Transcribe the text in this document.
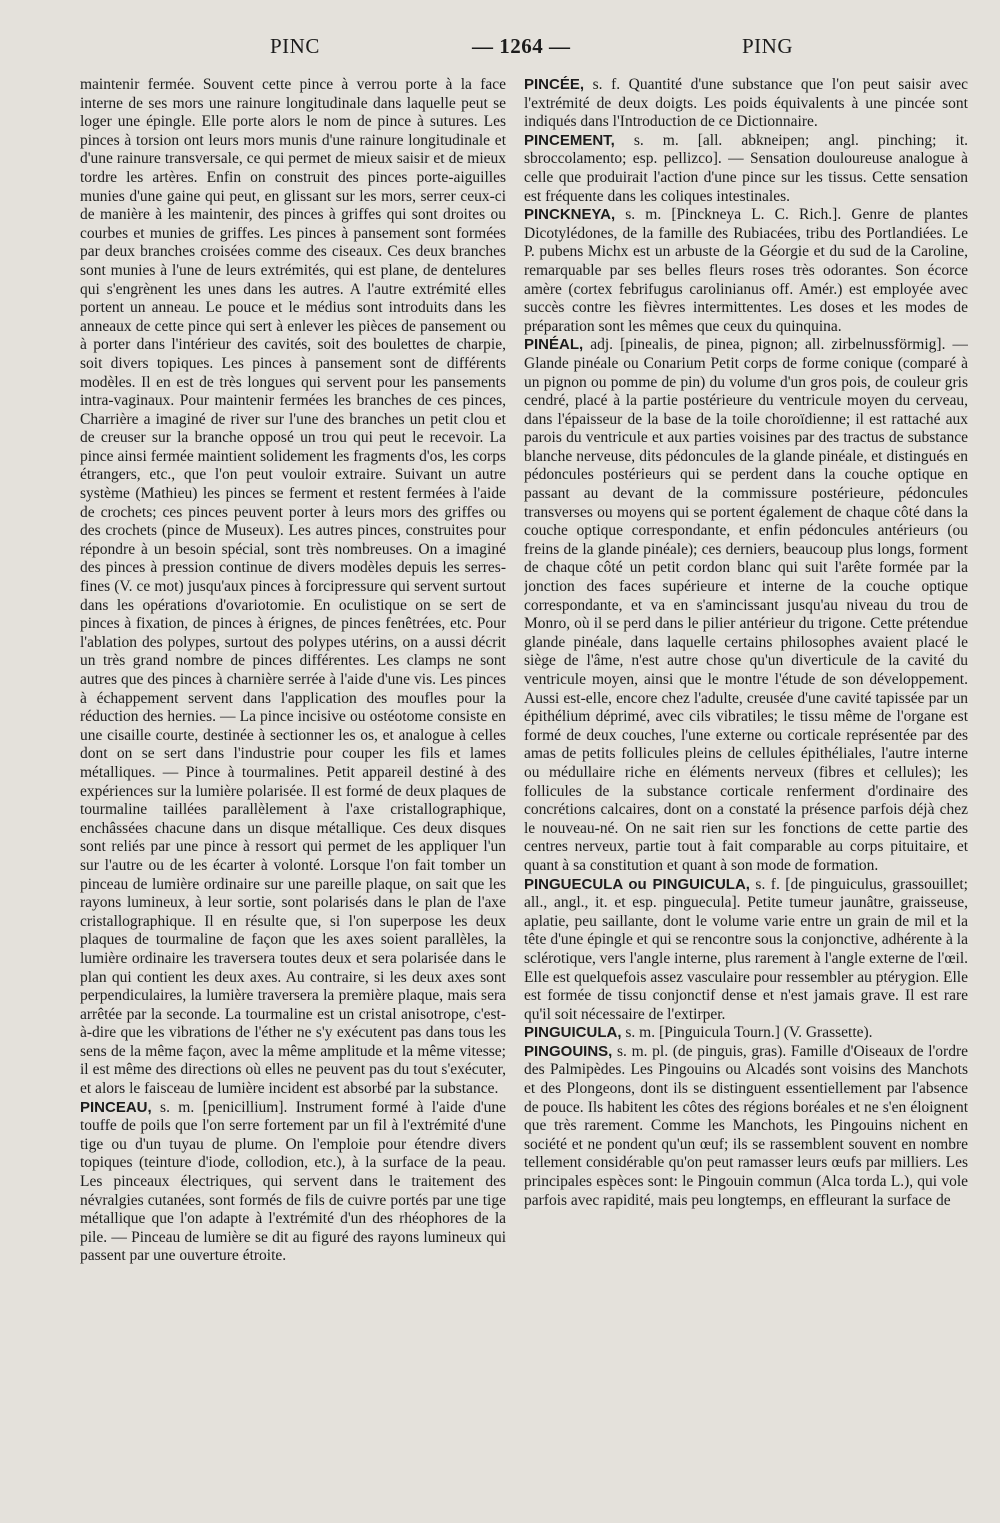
PINC	— 1264 —	PING

maintenir fermée. Souvent cette pince à verrou porte à la face interne de ses mors une rainure longitudinale dans laquelle peut se loger une épingle. Elle porte alors le nom de pince à sutures. Les pinces à torsion ont leurs mors munis d'une rainure longitudinale et d'une rainure transversale, ce qui permet de mieux saisir et de mieux tordre les artères. Enfin on construit des pinces porte-aiguilles munies d'une gaine qui peut, en glissant sur les mors, serrer ceux-ci de manière à les maintenir, des pinces à griffes qui sont droites ou courbes et munies de griffes. Les pinces à pansement sont formées par deux branches croisées comme des ciseaux. Ces deux branches sont munies à l'une de leurs extrémités, qui est plane, de dentelures qui s'engrènent les unes dans les autres. A l'autre extrémité elles portent un anneau. Le pouce et le médius sont introduits dans les anneaux de cette pince qui sert à enlever les pièces de pansement ou à porter dans l'intérieur des cavités, soit des boulettes de charpie, soit divers topiques. Les pinces à pansement sont de différents modèles. Il en est de très longues qui servent pour les pansements intra-vaginaux. Pour maintenir fermées les branches de ces pinces, Charrière a imaginé de river sur l'une des branches un petit clou et de creuser sur la branche opposé un trou qui peut le recevoir. La pince ainsi fermée maintient solidement les fragments d'os, les corps étrangers, etc., que l'on peut vouloir extraire. Suivant un autre système (Mathieu) les pinces se ferment et restent fermées à l'aide de crochets; ces pinces peuvent porter à leurs mors des griffes ou des crochets (pince de Museux). Les autres pinces, construites pour répondre à un besoin spécial, sont très nombreuses. On a imaginé des pinces à pression continue de divers modèles depuis les serres-fines (V. ce mot) jusqu'aux pinces à forcipressure qui servent surtout dans les opérations d'ovariotomie. En oculistique on se sert de pinces à fixation, de pinces à érignes, de pinces fenêtrées, etc. Pour l'ablation des polypes, surtout des polypes utérins, on a aussi décrit un très grand nombre de pinces différentes. Les clamps ne sont autres que des pinces à charnière serrée à l'aide d'une vis. Les pinces à échappement servent dans l'application des moufles pour la réduction des hernies. — La pince incisive ou ostéotome consiste en une cisaille courte, destinée à sectionner les os, et analogue à celles dont on se sert dans l'industrie pour couper les fils et lames métalliques. — Pince à tourmalines. Petit appareil destiné à des expériences sur la lumière polarisée. Il est formé de deux plaques de tourmaline taillées parallèlement à l'axe cristallographique, enchâssées chacune dans un disque métallique. Ces deux disques sont reliés par une pince à ressort qui permet de les appliquer l'un sur l'autre ou de les écarter à volonté. Lorsque l'on fait tomber un pinceau de lumière ordinaire sur une pareille plaque, on sait que les rayons lumineux, à leur sortie, sont polarisés dans le plan de l'axe cristallographique. Il en résulte que, si l'on superpose les deux plaques de tourmaline de façon que les axes soient parallèles, la lumière ordinaire les traversera toutes deux et sera polarisée dans le plan qui contient les deux axes. Au contraire, si les deux axes sont perpendiculaires, la lumière traversera la première plaque, mais sera arrêtée par la seconde. La tourmaline est un cristal anisotrope, c'est-à-dire que les vibrations de l'éther ne s'y exécutent pas dans tous les sens de la même façon, avec la même amplitude et la même vitesse; il est même des directions où elles ne peuvent pas du tout s'exécuter, et alors le faisceau de lumière incident est absorbé par la substance.

PINCEAU, s. m. [penicillium]. Instrument formé à l'aide d'une touffe de poils que l'on serre fortement par un fil à l'extrémité d'une tige ou d'un tuyau de plume. On l'emploie pour étendre divers topiques (teinture d'iode, collodion, etc.), à la surface de la peau. Les pinceaux électriques, qui servent dans le traitement des névralgies cutanées, sont formés de fils de cuivre portés par une tige métallique que l'on adapte à l'extrémité d'un des rhéophores de la pile. — Pinceau de lumière se dit au figuré des rayons lumineux qui passent par une ouverture étroite.

PINCÉE, s. f. Quantité d'une substance que l'on peut saisir avec l'extrémité de deux doigts. Les poids équivalents à une pincée sont indiqués dans l'Introduction de ce Dictionnaire.

PINCEMENT, s. m. [all. abkneipen; angl. pinching; it. sbroccolamento; esp. pellizco]. — Sensation douloureuse analogue à celle que produirait l'action d'une pince sur les tissus. Cette sensation est fréquente dans les coliques intestinales.

PINCKNEYA, s. m. [Pinckneya L. C. Rich.]. Genre de plantes Dicotylédones, de la famille des Rubiacées, tribu des Portlandiées. Le P. pubens Michx est un arbuste de la Géorgie et du sud de la Caroline, remarquable par ses belles fleurs roses très odorantes. Son écorce amère (cortex febrifugus carolinianus off. Amér.) est employée avec succès contre les fièvres intermittentes. Les doses et les modes de préparation sont les mêmes que ceux du quinquina.

PINÉAL, adj. [pinealis, de pinea, pignon; all. zirbelnussförmig]. — Glande pinéale ou Conarium Petit corps de forme conique (comparé à un pignon ou pomme de pin) du volume d'un gros pois, de couleur gris cendré, placé à la partie postérieure du ventricule moyen du cerveau, dans l'épaisseur de la base de la toile choroïdienne; il est rattaché aux parois du ventricule et aux parties voisines par des tractus de substance blanche nerveuse, dits pédoncules de la glande pinéale, et distingués en pédoncules postérieurs qui se perdent dans la couche optique en passant au devant de la commissure postérieure, pédoncules transverses ou moyens qui se portent également de chaque côté dans la couche optique correspondante, et enfin pédoncules antérieurs (ou freins de la glande pinéale); ces derniers, beaucoup plus longs, forment de chaque côté un petit cordon blanc qui suit l'arête formée par la jonction des faces supérieure et interne de la couche optique correspondante, et va en s'amincissant jusqu'au niveau du trou de Monro, où il se perd dans le pilier antérieur du trigone. Cette prétendue glande pinéale, dans laquelle certains philosophes avaient placé le siège de l'âme, n'est autre chose qu'un diverticule de la cavité du ventricule moyen, ainsi que le montre l'étude de son développement. Aussi est-elle, encore chez l'adulte, creusée d'une cavité tapissée par un épithélium déprimé, avec cils vibratiles; le tissu même de l'organe est formé de deux couches, l'une externe ou corticale représentée par des amas de petits follicules pleins de cellules épithéliales, l'autre interne ou médullaire riche en éléments nerveux (fibres et cellules); les follicules de la substance corticale renferment d'ordinaire des concrétions calcaires, dont on a constaté la présence parfois déjà chez le nouveau-né. On ne sait rien sur les fonctions de cette partie des centres nerveux, partie tout à fait comparable au corps pituitaire, et quant à sa constitution et quant à son mode de formation.

PINGUECULA ou PINGUICULA, s. f. [de pinguiculus, grassouillet; all., angl., it. et esp. pinguecula]. Petite tumeur jaunâtre, graisseuse, aplatie, peu saillante, dont le volume varie entre un grain de mil et la tête d'une épingle et qui se rencontre sous la conjonctive, adhérente à la sclérotique, vers l'angle interne, plus rarement à l'angle externe de l'œil. Elle est quelquefois assez vasculaire pour ressembler au ptérygion. Elle est formée de tissu conjonctif dense et n'est jamais grave. Il est rare qu'il soit nécessaire de l'extirper.

PINGUICULA, s. m. [Pinguicula Tourn.] (V. Grassette).

PINGOUINS, s. m. pl. (de pinguis, gras). Famille d'Oiseaux de l'ordre des Palmipèdes. Les Pingouins ou Alcadés sont voisins des Manchots et des Plongeons, dont ils se distinguent essentiellement par l'absence de pouce. Ils habitent les côtes des régions boréales et ne s'en éloignent que très rarement. Comme les Manchots, les Pingouins nichent en société et ne pondent qu'un œuf; ils se rassemblent souvent en nombre tellement considérable qu'on peut ramasser leurs œufs par milliers. Les principales espèces sont: le Pingouin commun (Alca torda L.), qui vole parfois avec rapidité, mais peu longtemps, en effleurant la surface de
